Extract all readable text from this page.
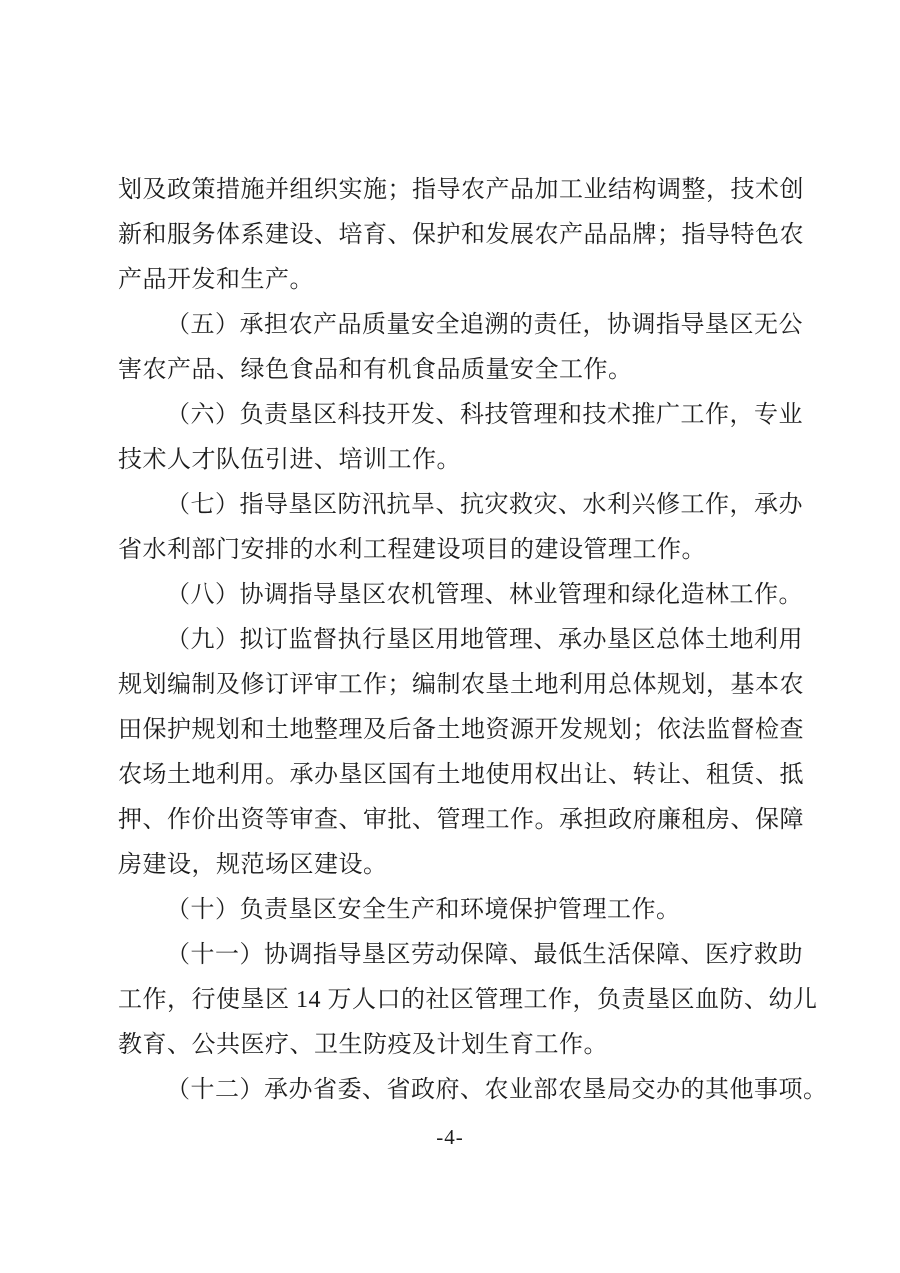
划及政策措施并组织实施；指导农产品加工业结构调整，技术创
新和服务体系建设、培育、保护和发展农产品品牌；指导特色农
产品开发和生产。
（五）承担农产品质量安全追溯的责任，协调指导垦区无公
害农产品、绿色食品和有机食品质量安全工作。
（六）负责垦区科技开发、科技管理和技术推广工作，专业
技术人才队伍引进、培训工作。
（七）指导垦区防汛抗旱、抗灾救灾、水利兴修工作，承办
省水利部门安排的水利工程建设项目的建设管理工作。
（八）协调指导垦区农机管理、林业管理和绿化造林工作。
（九）拟订监督执行垦区用地管理、承办垦区总体土地利用
规划编制及修订评审工作；编制农垦土地利用总体规划，基本农
田保护规划和土地整理及后备土地资源开发规划；依法监督检查
农场土地利用。承办垦区国有土地使用权出让、转让、租赁、抵
押、作价出资等审查、审批、管理工作。承担政府廉租房、保障
房建设，规范场区建设。
（十）负责垦区安全生产和环境保护管理工作。
（十一）协调指导垦区劳动保障、最低生活保障、医疗救助
工作，行使垦区 14 万人口的社区管理工作，负责垦区血防、幼儿
教育、公共医疗、卫生防疫及计划生育工作。
（十二）承办省委、省政府、农业部农垦局交办的其他事项。
-4-
